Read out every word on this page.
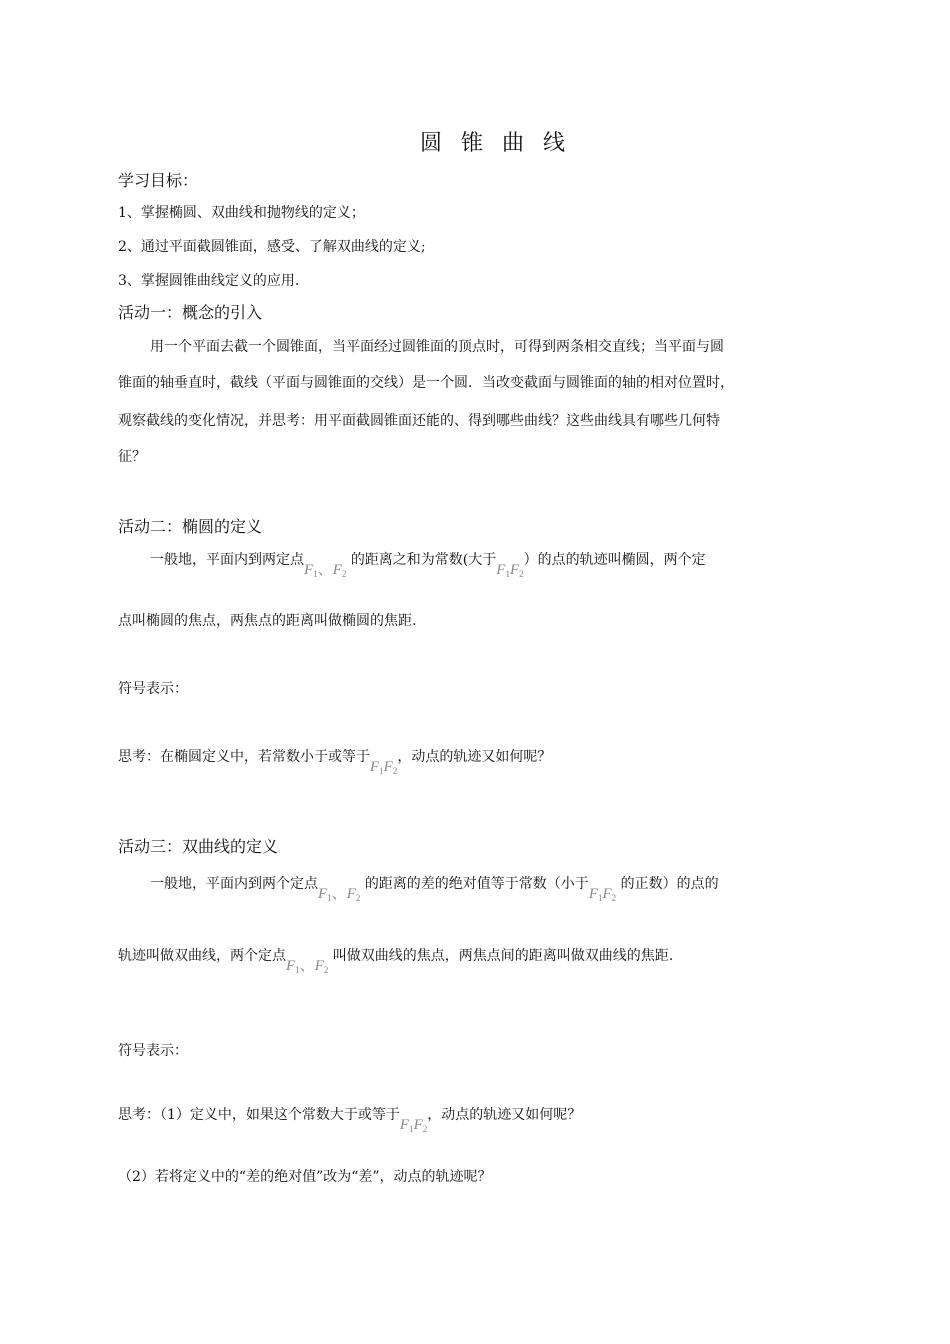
圆 锥 曲 线
学习目标：
1、掌握椭圆、双曲线和抛物线的定义；
2、通过平面截圆锥面，感受、了解双曲线的定义;
3、掌握圆锥曲线定义的应用.
活动一：概念的引入
用一个平面去截一个圆锥面，当平面经过圆锥面的顶点时，可得到两条相交直线；当平面与圆
锥面的轴垂直时，截线（平面与圆锥面的交线）是一个圆．当改变截面与圆锥面的轴的相对位置时，
观察截线的变化情况，并思考：用平面截圆锥面还能的、得到哪些曲线？这些曲线具有哪些几何特
征？
活动二：椭圆的定义
一般地，平面内到两定点$F_1$、$F_2$ 的距离之和为常数(大于$F_1F_2$）的点的轨迹叫椭圆，两个定
点叫椭圆的焦点，两焦点的距离叫做椭圆的焦距.
符号表示：
思考：在椭圆定义中，若常数小于或等于$F_1F_2$，动点的轨迹又如何呢？
活动三：双曲线的定义
一般地，平面内到两个定点$F_1$、$F_2$ 的距离的差的绝对值等于常数（小于$F_1F_2$ 的正数）的点的
轨迹叫做双曲线，两个定点$F_1$、$F_2$ 叫做双曲线的焦点，两焦点间的距离叫做双曲线的焦距.
符号表示：
思考：（1）定义中，如果这个常数大于或等于$F_1F_2$，动点的轨迹又如何呢？
（2）若将定义中的“差的绝对值”改为“差”，动点的轨迹呢？
